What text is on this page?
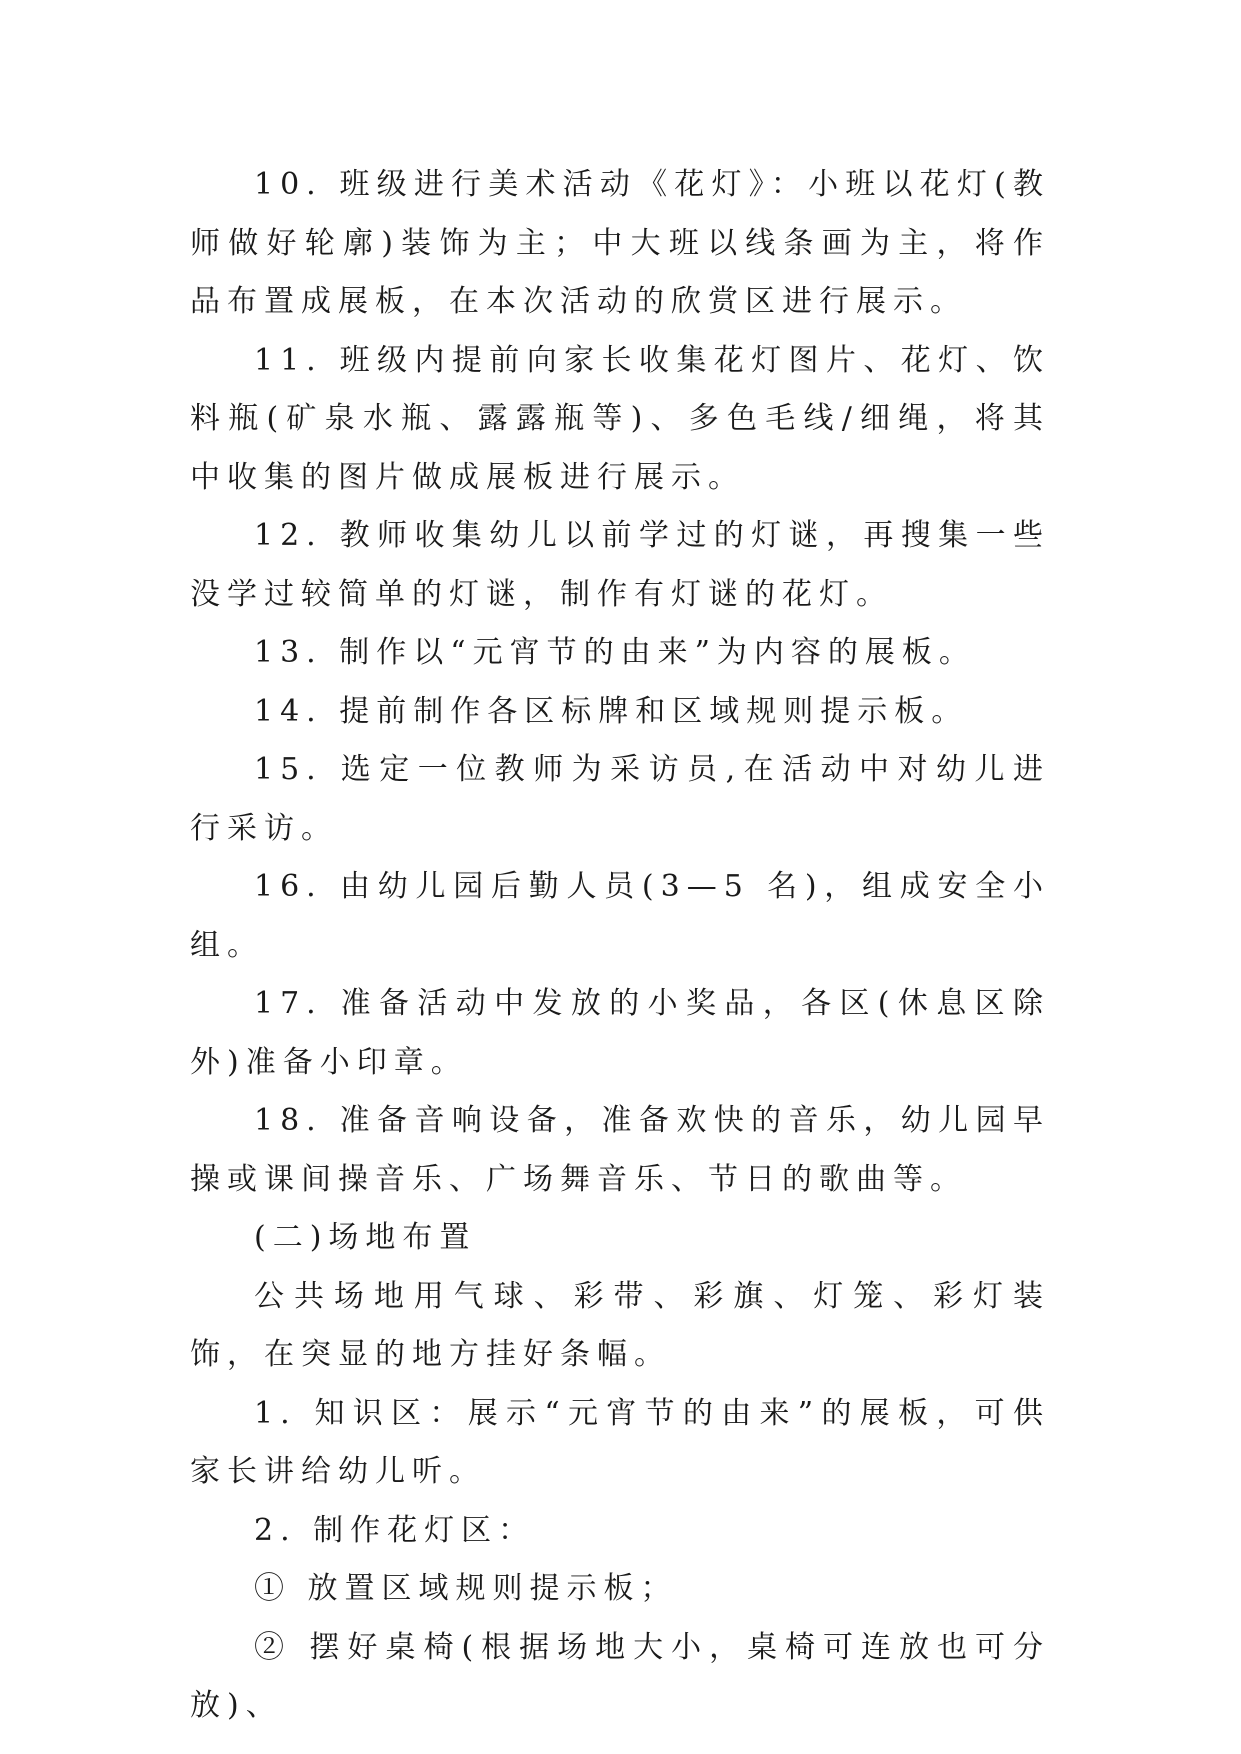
10. 班级进行美术活动《花灯》：小班以花灯(教师做好轮廓)装饰为主；中大班以线条画为主，将作品布置成展板，在本次活动的欣赏区进行展示。

11. 班级内提前向家长收集花灯图片、花灯、饮料瓶(矿泉水瓶、露露瓶等)、多色毛线/细绳，将其中收集的图片做成展板进行展示。

12. 教师收集幼儿以前学过的灯谜，再搜集一些没学过较简单的灯谜，制作有灯谜的花灯。

13. 制作以“元宵节的由来”为内容的展板。

14. 提前制作各区标牌和区域规则提示板。

15. 选定一位教师为采访员,在活动中对幼儿进行采访。

16. 由幼儿园后勤人员(3—5 名)，组成安全小组。

17. 准备活动中发放的小奖品，各区(休息区除外)准备小印章。

18. 准备音响设备，准备欢快的音乐，幼儿园早操或课间操音乐、广场舞音乐、节日的歌曲等。

(二)场地布置

公共场地用气球、彩带、彩旗、灯笼、彩灯装饰，在突显的地方挂好条幅。

1. 知识区：展示“元宵节的由来”的展板，可供家长讲给幼儿听。

2. 制作花灯区：

① 放置区域规则提示板；

② 摆好桌椅(根据场地大小，桌椅可连放也可分放)、
